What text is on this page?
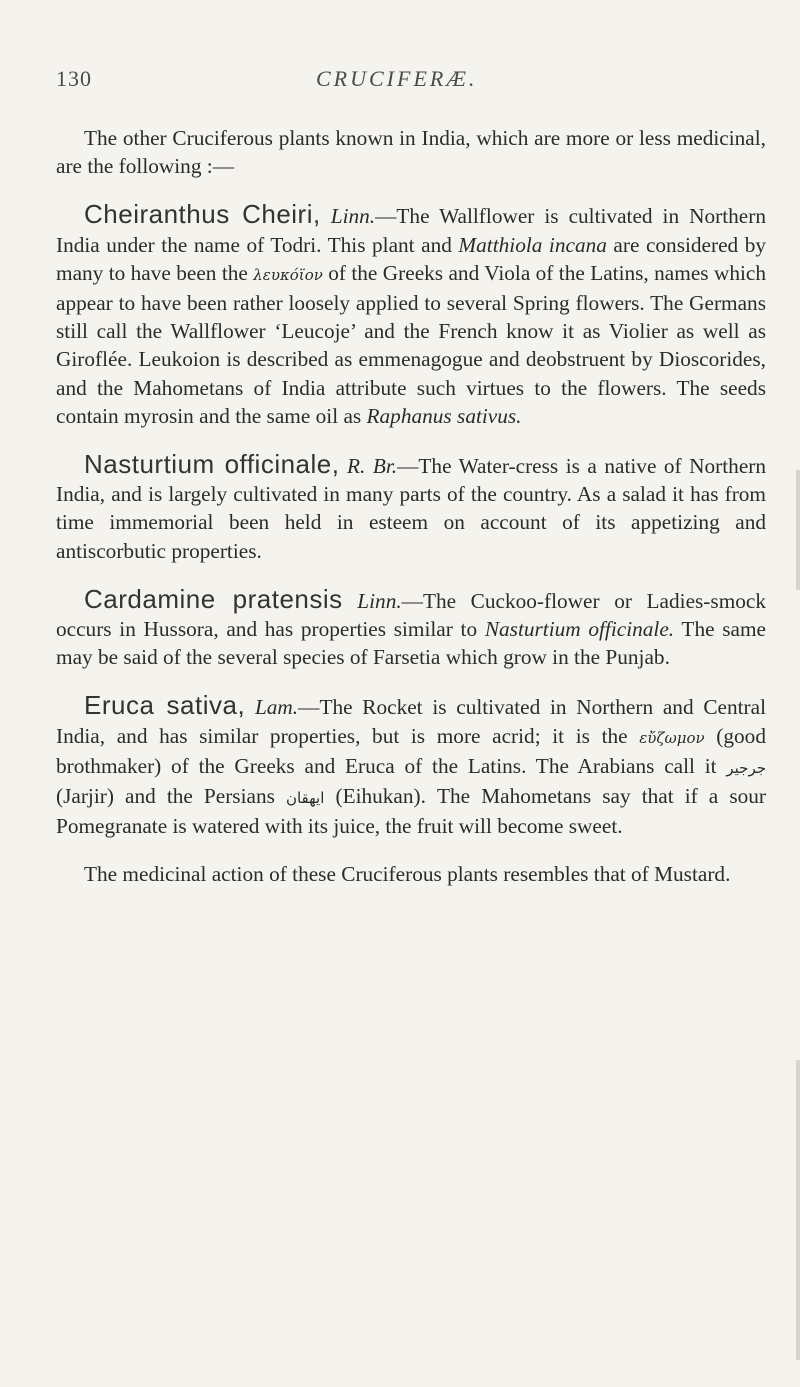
130	CRUCIFERÆ.

The other Cruciferous plants known in India, which are more or less medicinal, are the following :—

Cheiranthus Cheiri, Linn.—The Wallflower is cultivated in Northern India under the name of Todri. This plant and Matthiola incana are considered by many to have been the λευκόϊον of the Greeks and Viola of the Latins, names which appear to have been rather loosely applied to several Spring flowers. The Germans still call the Wallflower ‘Leucoje’ and the French know it as Violier as well as Giroflée. Leukoion is described as emmenagogue and deobstruent by Dioscorides, and the Mahometans of India attribute such virtues to the flowers. The seeds contain myrosin and the same oil as Raphanus sativus.

Nasturtium officinale, R. Br.—The Water-cress is a native of Northern India, and is largely cultivated in many parts of the country. As a salad it has from time immemorial been held in esteem on account of its appetizing and antiscorbutic properties.

Cardamine pratensis Linn.—The Cuckoo-flower or Ladies-smock occurs in Hussora, and has properties similar to Nasturtium officinale. The same may be said of the several species of Farsetia which grow in the Punjab.

Eruca sativa, Lam.—The Rocket is cultivated in Northern and Central India, and has similar properties, but is more acrid; it is the εὔζωμον (good brothmaker) of the Greeks and Eruca of the Latins. The Arabians call it جرجير (Jarjir) and the Persians ایهقان (Eihukan). The Mahometans say that if a sour Pomegranate is watered with its juice, the fruit will become sweet.

The medicinal action of these Cruciferous plants resembles that of Mustard.
